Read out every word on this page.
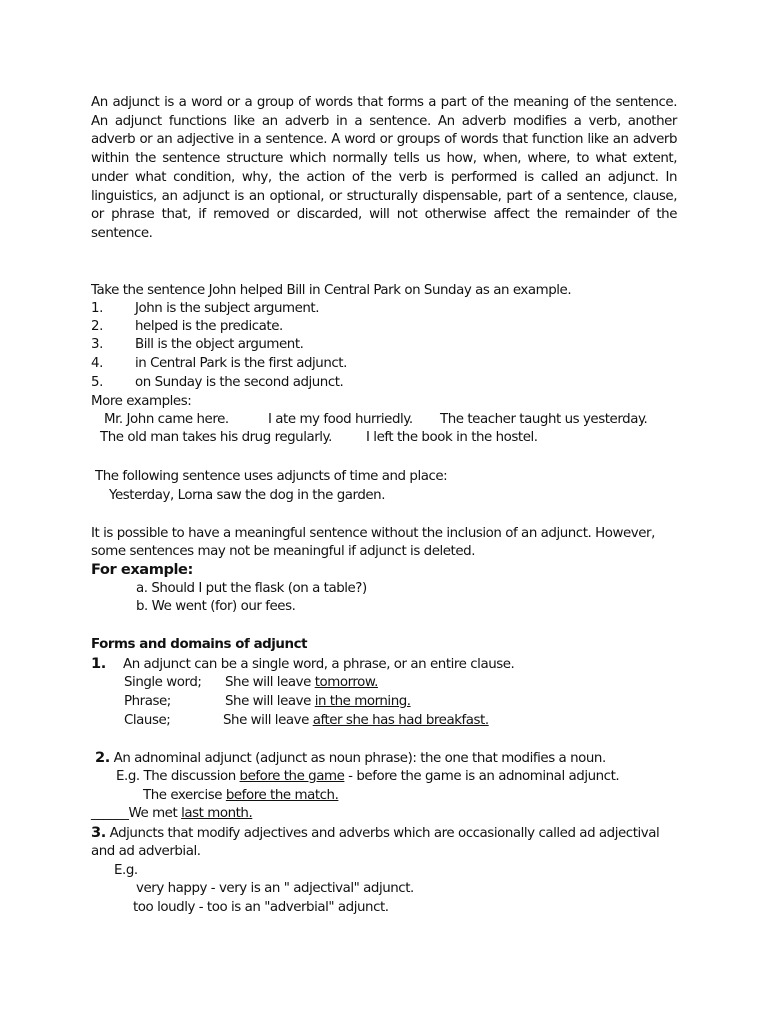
An adjunct is a word or a group of words that forms a part of the meaning of the sentence. An adjunct functions like an adverb in a sentence. An adverb modifies a verb, another adverb or an adjective in a sentence. A word or groups of words that function like an adverb within the sentence structure which normally tells us how, when, where, to what extent, under what condition, why, the action of the verb is performed is called an adjunct. In linguistics, an adjunct is an optional, or structurally dispensable, part of a sentence, clause, or phrase that, if removed or discarded, will not otherwise affect the remainder of the sentence.

Take the sentence John helped Bill in Central Park on Sunday as an example.
1. John is the subject argument.
2. helped is the predicate.
3. Bill is the object argument.
4. in Central Park is the first adjunct.
5. on Sunday is the second adjunct.
More examples:
Mr. John came here.	I ate my food hurriedly. The teacher taught us yesterday.
The old man takes his drug regularly.	I left the book in the hostel.
The following sentence uses adjuncts of time and place:
Yesterday, Lorna saw the dog in the garden.
It is possible to have a meaningful sentence without the inclusion of an adjunct. However,
some sentences may not be meaningful if adjunct is deleted.
For example:
a. Should I put the flask (on a table?)
b. We went (for) our fees.
Forms and domains of adjunct
1. An adjunct can be a single word, a phrase, or an entire clause.
Single word; She will leave tomorrow.
Phrase;	She will leave in the morning.
Clause;	She will leave after she has had breakfast.
2. An adnominal adjunct (adjunct as noun phrase): the one that modifies a noun.
E.g. The discussion before the game - before the game is an adnominal adjunct.
The exercise before the match.
______We met last month.
3. Adjuncts that modify adjectives and adverbs which are occasionally called ad adjectival
and ad adverbial.
E.g.
very happy - very is an " adjectival" adjunct.
too loudly - too is an "adverbial" adjunct.
